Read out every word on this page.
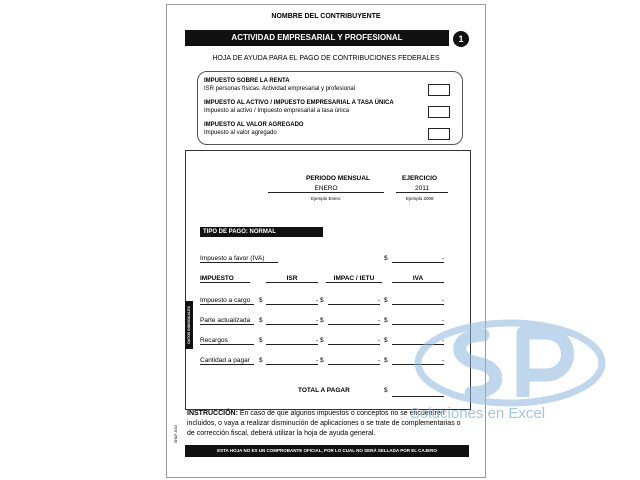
NOMBRE DEL CONTRIBUYENTE
ACTIVIDAD EMPRESARIAL Y PROFESIONAL	1
HOJA DE AYUDA PARA EL PAGO DE CONTRIBUCIONES FEDERALES
IMPUESTO SOBRE LA RENTA
ISR personas físicas. Actividad empresarial y profesional
IMPUESTO AL ACTIVO / IMPUESTO EMPRESARIAL A TASA ÚNICA
Impuesto al activo / Impuesto empresarial a tasa única
IMPUESTO AL VALOR AGREGADO
Impuesto al valor agregado
PERIODO MENSUAL
ENERO
Ejemplo Enero
EJERCICIO
2011
Ejemplo 2008
TIPO DE PAGO: NORMAL
Impuesto a favor (IVA)	$	-
IMPUESTO	ISR	IMPAC / IETU	IVA
Impuesto a cargo	$	- $	- $	-
Parte actualizada	$	- $	- $	-
Recargos	$	- $	- $	-
Cantidad a pagar	$	- $	- $	-
TOTAL A PAGAR	$
DATOS INDIVIDUALES
INSTRUCCIÓN: En caso de que algunos impuestos o conceptos no se encuentren incluidos, o vaya a realizar disminución de aplicaciones o se trate de complementarias o de corrección fiscal, deberá utilizar la hoja de ayuda general.
SHCP-S/02
ESTA HOJA NO ES UN COMPROBANTE OFICIAL, POR LO CUAL NO SERÁ SELLADA POR EL CAJERO
Soluciones en Excel
